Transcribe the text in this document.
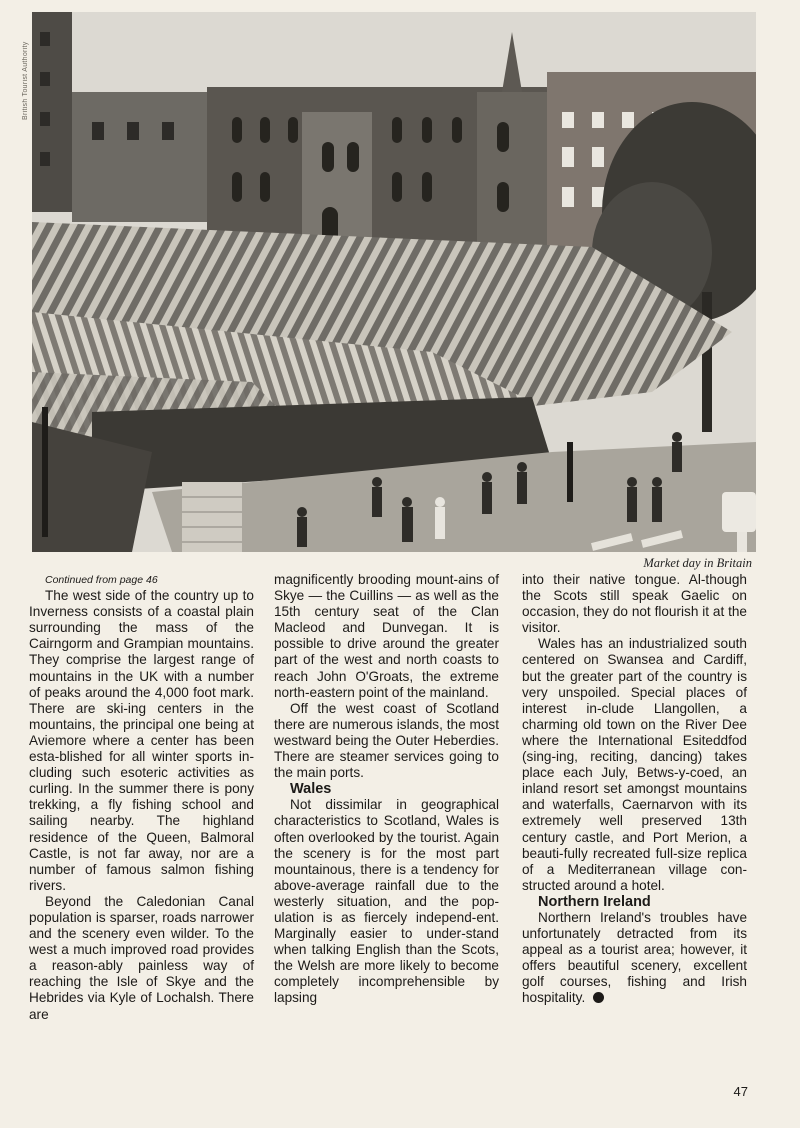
British Tourist Authority
Market day in Britain

Continued from page 46

The west side of the country up to Inverness consists of a coastal plain surrounding the mass of the Cairngorm and Grampian mountains. They comprise the largest range of mountains in the UK with a number of peaks around the 4,000 foot mark. There are ski-ing centers in the mountains, the principal one being at Aviemore where a center has been esta-blished for all winter sports in-cluding such esoteric activities as curling. In the summer there is pony trekking, a fly fishing school and sailing nearby. The highland residence of the Queen, Balmoral Castle, is not far away, nor are a number of famous salmon fishing rivers.

Beyond the Caledonian Canal population is sparser, roads narrower and the scenery even wilder. To the west a much improved road provides a reason-ably painless way of reaching the Isle of Skye and the Hebrides via Kyle of Lochalsh. There are

magnificently brooding mount-ains of Skye — the Cuillins — as well as the 15th century seat of the Clan Macleod and Dunvegan. It is possible to drive around the greater part of the west and north coasts to reach John O'Groats, the extreme north-eastern point of the mainland.

Off the west coast of Scotland there are numerous islands, the most westward being the Outer Heberdies. There are steamer services going to the main ports.

Wales

Not dissimilar in geographical characteristics to Scotland, Wales is often overlooked by the tourist. Again the scenery is for the most part mountainous, there is a tendency for above-average rainfall due to the westerly situation, and the pop-ulation is as fiercely independ-ent. Marginally easier to under-stand when talking English than the Scots, the Welsh are more likely to become completely incomprehensible by lapsing

into their native tongue. Al-though the Scots still speak Gaelic on occasion, they do not flourish it at the visitor.

Wales has an industrialized south centered on Swansea and Cardiff, but the greater part of the country is very unspoiled. Special places of interest in-clude Llangollen, a charming old town on the River Dee where the International Esiteddfod (sing-ing, reciting, dancing) takes place each July, Betws-y-coed, an inland resort set amongst mountains and waterfalls, Caernarvon with its extremely well preserved 13th century castle, and Port Merion, a beauti-fully recreated full-size replica of a Mediterranean village con-structed around a hotel.

Northern Ireland

Northern Ireland's troubles have unfortunately detracted from its appeal as a tourist area; however, it offers beautiful scenery, excellent golf courses, fishing and Irish hospitality.

47
